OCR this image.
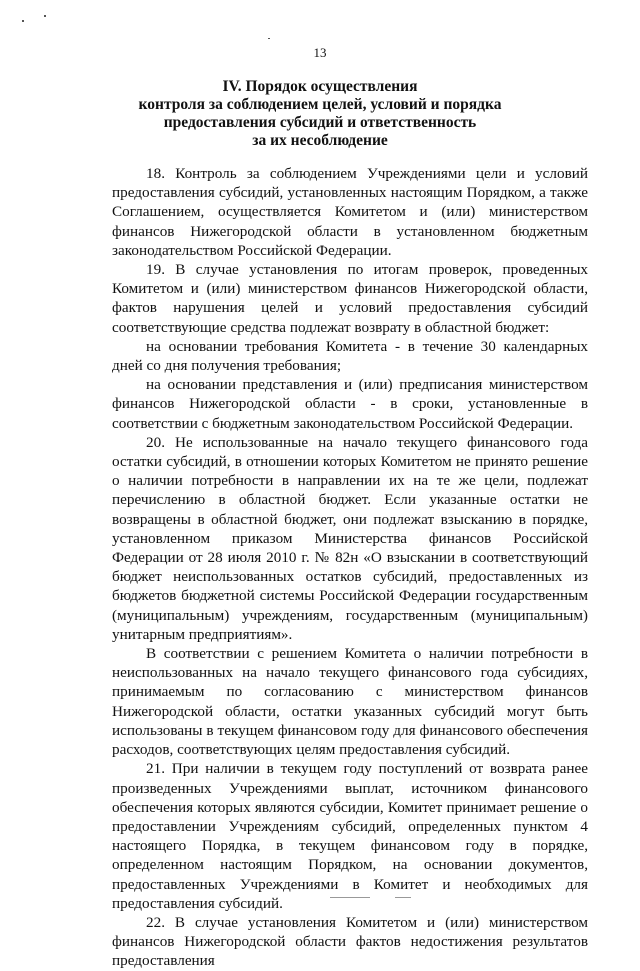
13
IV. Порядок осуществления
контроля за соблюдением целей, условий и порядка
предоставления субсидий и ответственность
за их несоблюдение

18. Контроль за соблюдением Учреждениями цели и условий предоставления субсидий, установленных настоящим Порядком, а также Соглашением, осуществляется Комитетом и (или) министерством финансов Нижегородской области в установленном бюджетным законодательством Российской Федерации.

19. В случае установления по итогам проверок, проведенных Комитетом и (или) министерством финансов Нижегородской области, фактов нарушения целей и условий предоставления субсидий соответствующие средства подлежат возврату в областной бюджет:

на основании требования Комитета - в течение 30 календарных дней со дня получения требования;

на основании представления и (или) предписания министерством финансов Нижегородской области - в сроки, установленные в соответствии с бюджетным законодательством Российской Федерации.

20. Не использованные на начало текущего финансового года остатки субсидий, в отношении которых Комитетом не принято решение о наличии потребности в направлении их на те же цели, подлежат перечислению в областной бюджет. Если указанные остатки не возвращены в областной бюджет, они подлежат взысканию в порядке, установленном приказом Министерства финансов Российской Федерации от 28 июля 2010 г. № 82н «О взыскании в соответствующий бюджет неиспользованных остатков субсидий, предоставленных из бюджетов бюджетной системы Российской Федерации государственным (муниципальным) учреждениям, государственным (муниципальным) унитарным предприятиям».

В соответствии с решением Комитета о наличии потребности в неиспользованных на начало текущего финансового года субсидиях, принимаемым по согласованию с министерством финансов Нижегородской области, остатки указанных субсидий могут быть использованы в текущем финансовом году для финансового обеспечения расходов, соответствующих целям предоставления субсидий.

21. При наличии в текущем году поступлений от возврата ранее произведенных Учреждениями выплат, источником финансового обеспечения которых являются субсидии, Комитет принимает решение о предоставлении Учреждениям субсидий, определенных пунктом 4 настоящего Порядка, в текущем финансовом году в порядке, определенном настоящим Порядком, на основании документов, предоставленных Учреждениями в Комитет и необходимых для предоставления субсидий.

22. В случае установления Комитетом и (или) министерством финансов Нижегородской области фактов недостижения результатов предоставления
